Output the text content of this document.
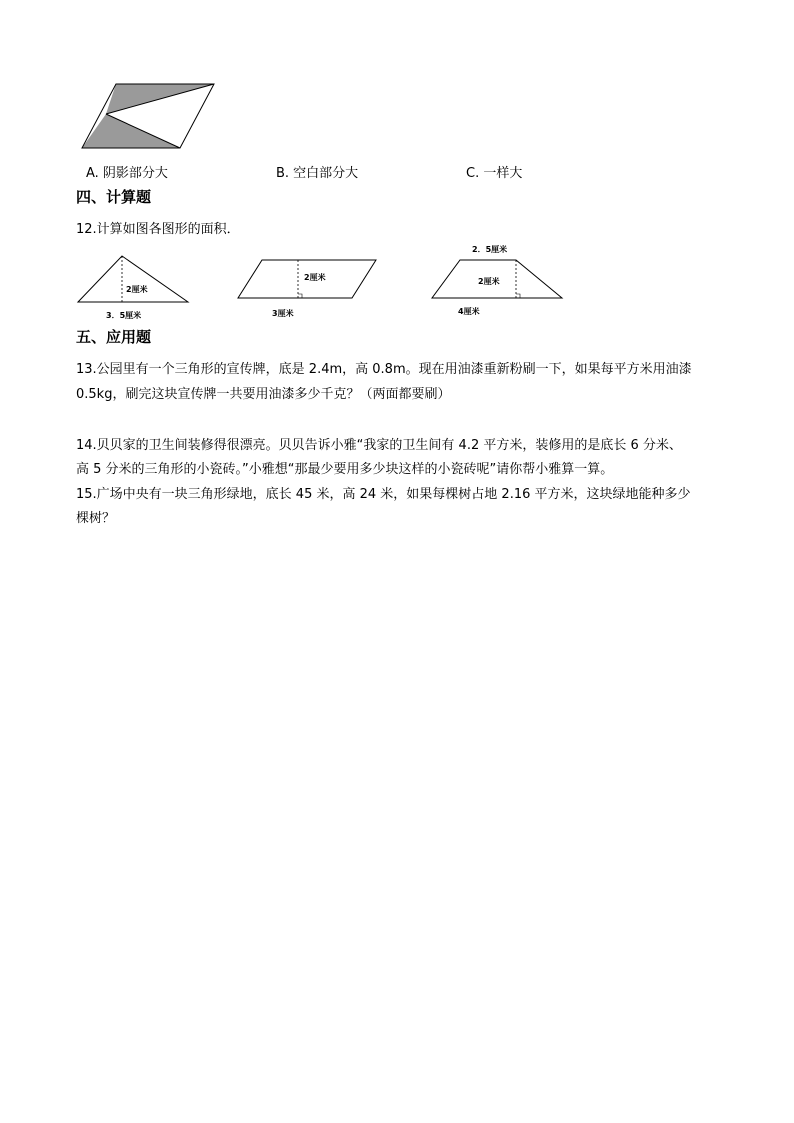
A. 阴影部分大	B. 空白部分大	C. 一样大
四、计算题
12.计算如图各图形的面积．
2厘米
3．5厘米
2厘米
3厘米
2．5厘米
2厘米
4厘米
五、应用题
13.公园里有一个三角形的宣传牌，底是 2.4m，高 0.8m。现在用油漆重新粉刷一下，如果每平方米用油漆
0.5kg，刷完这块宣传牌一共要用油漆多少千克？（两面都要刷）
14.贝贝家的卫生间装修得很漂亮。贝贝告诉小雅“我家的卫生间有 4.2 平方米，装修用的是底长 6 分米、
高 5 分米的三角形的小瓷砖。”小雅想“那最少要用多少块这样的小瓷砖呢”请你帮小雅算一算。
15.广场中央有一块三角形绿地，底长 45 米，高 24 米，如果每棵树占地 2.16 平方米，这块绿地能种多少
棵树？
